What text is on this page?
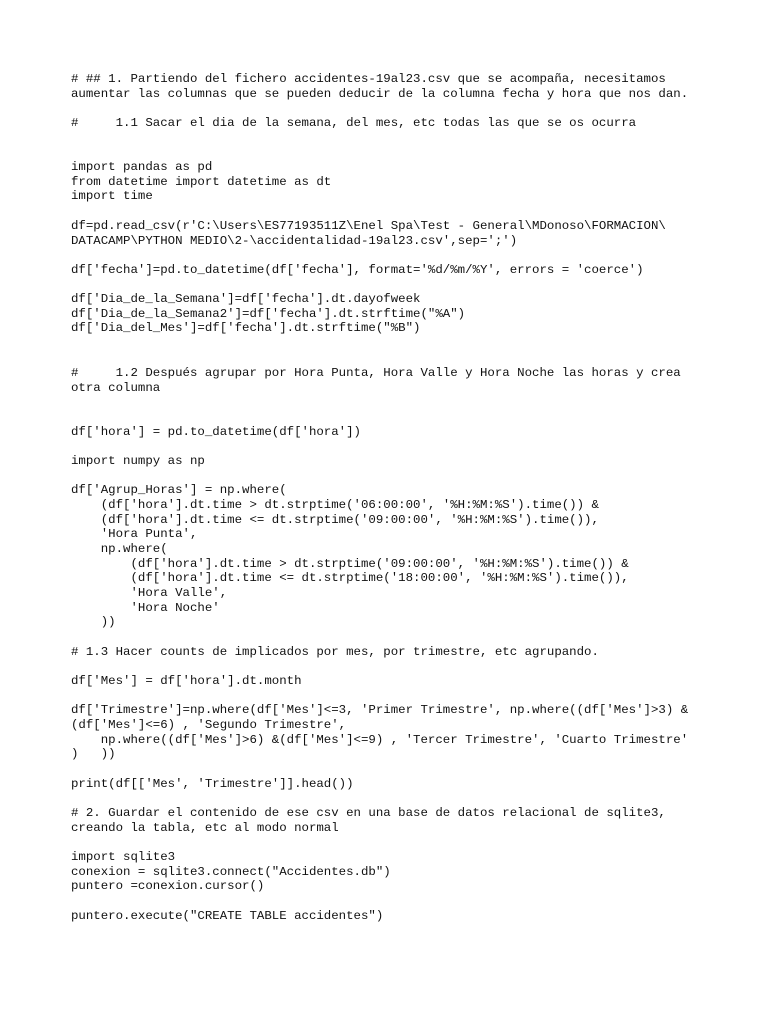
# ## 1. Partiendo del fichero accidentes-19al23.csv que se acompaña, necesitamos

aumentar las columnas que se pueden deducir de la columna fecha y hora que nos dan.

#     1.1 Sacar el dia de la semana, del mes, etc todas las que se os ocurra

import pandas as pd

from datetime import datetime as dt

import time

df=pd.read_csv(r'C:\Users\ES77193511Z\Enel Spa\Test - General\MDonoso\FORMACION\

DATACAMP\PYTHON MEDIO\2-\accidentalidad-19al23.csv',sep=';')

df['fecha']=pd.to_datetime(df['fecha'], format='%d/%m/%Y', errors = 'coerce')

df['Dia_de_la_Semana']=df['fecha'].dt.dayofweek

df['Dia_de_la_Semana2']=df['fecha'].dt.strftime("%A")

df['Dia_del_Mes']=df['fecha'].dt.strftime("%B")

#     1.2 Después agrupar por Hora Punta, Hora Valle y Hora Noche las horas y crea

otra columna

df['hora'] = pd.to_datetime(df['hora'])

import numpy as np

df['Agrup_Horas'] = np.where(

(df['hora'].dt.time > dt.strptime('06:00:00', '%H:%M:%S').time()) &

(df['hora'].dt.time <= dt.strptime('09:00:00', '%H:%M:%S').time()),

'Hora Punta',

np.where(

(df['hora'].dt.time > dt.strptime('09:00:00', '%H:%M:%S').time()) &

(df['hora'].dt.time <= dt.strptime('18:00:00', '%H:%M:%S').time()),

'Hora Valle',

'Hora Noche'

))

# 1.3 Hacer counts de implicados por mes, por trimestre, etc agrupando.

df['Mes'] = df['hora'].dt.month

df['Trimestre']=np.where(df['Mes']<=3, 'Primer Trimestre', np.where((df['Mes']>3) &

(df['Mes']<=6) , 'Segundo Trimestre',

np.where((df['Mes']>6) &(df['Mes']<=9) , 'Tercer Trimestre', 'Cuarto Trimestre'

)   ))

print(df[['Mes', 'Trimestre']].head())

# 2. Guardar el contenido de ese csv en una base de datos relacional de sqlite3,

creando la tabla, etc al modo normal

import sqlite3

conexion = sqlite3.connect("Accidentes.db")

puntero =conexion.cursor()

puntero.execute("CREATE TABLE accidentes")
